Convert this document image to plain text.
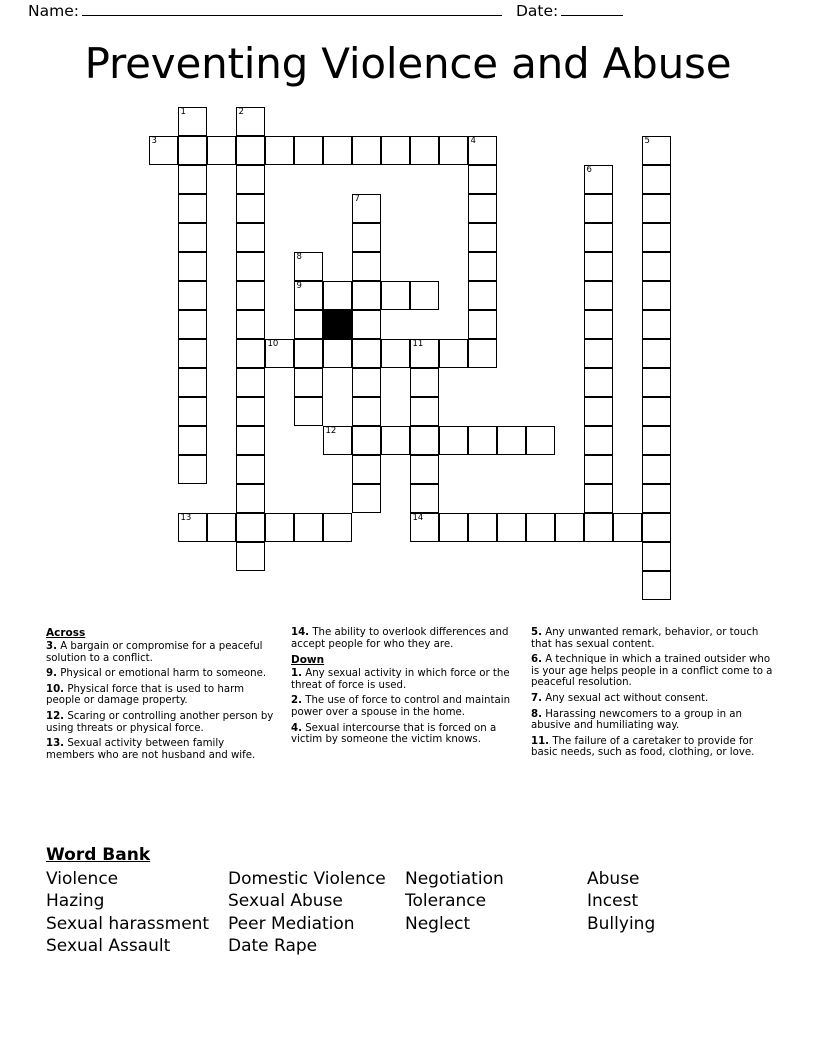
Name:	Date:
Preventing Violence and Abuse
1	2
3	4	5
6
7
8
9
10	11
12
13	14
Across
3. A bargain or compromise for a peaceful solution to a conflict.
9. Physical or emotional harm to someone.
10. Physical force that is used to harm people or damage property.
12. Scaring or controlling another person by using threats or physical force.
13. Sexual activity between family members who are not husband and wife.
14. The ability to overlook differences and accept people for who they are.
Down
1. Any sexual activity in which force or the threat of force is used.
2. The use of force to control and maintain power over a spouse in the home.
4. Sexual intercourse that is forced on a victim by someone the victim knows.
5. Any unwanted remark, behavior, or touch that has sexual content.
6. A technique in which a trained outsider who is your age helps people in a conflict come to a peaceful resolution.
7. Any sexual act without consent.
8. Harassing newcomers to a group in an abusive and humiliating way.
11. The failure of a caretaker to provide for basic needs, such as food, clothing, or love.
Word Bank
Violence	Domestic Violence	Negotiation	Abuse
Hazing	Sexual Abuse	Tolerance	Incest
Sexual harassment	Peer Mediation	Neglect	Bullying
Sexual Assault	Date Rape
